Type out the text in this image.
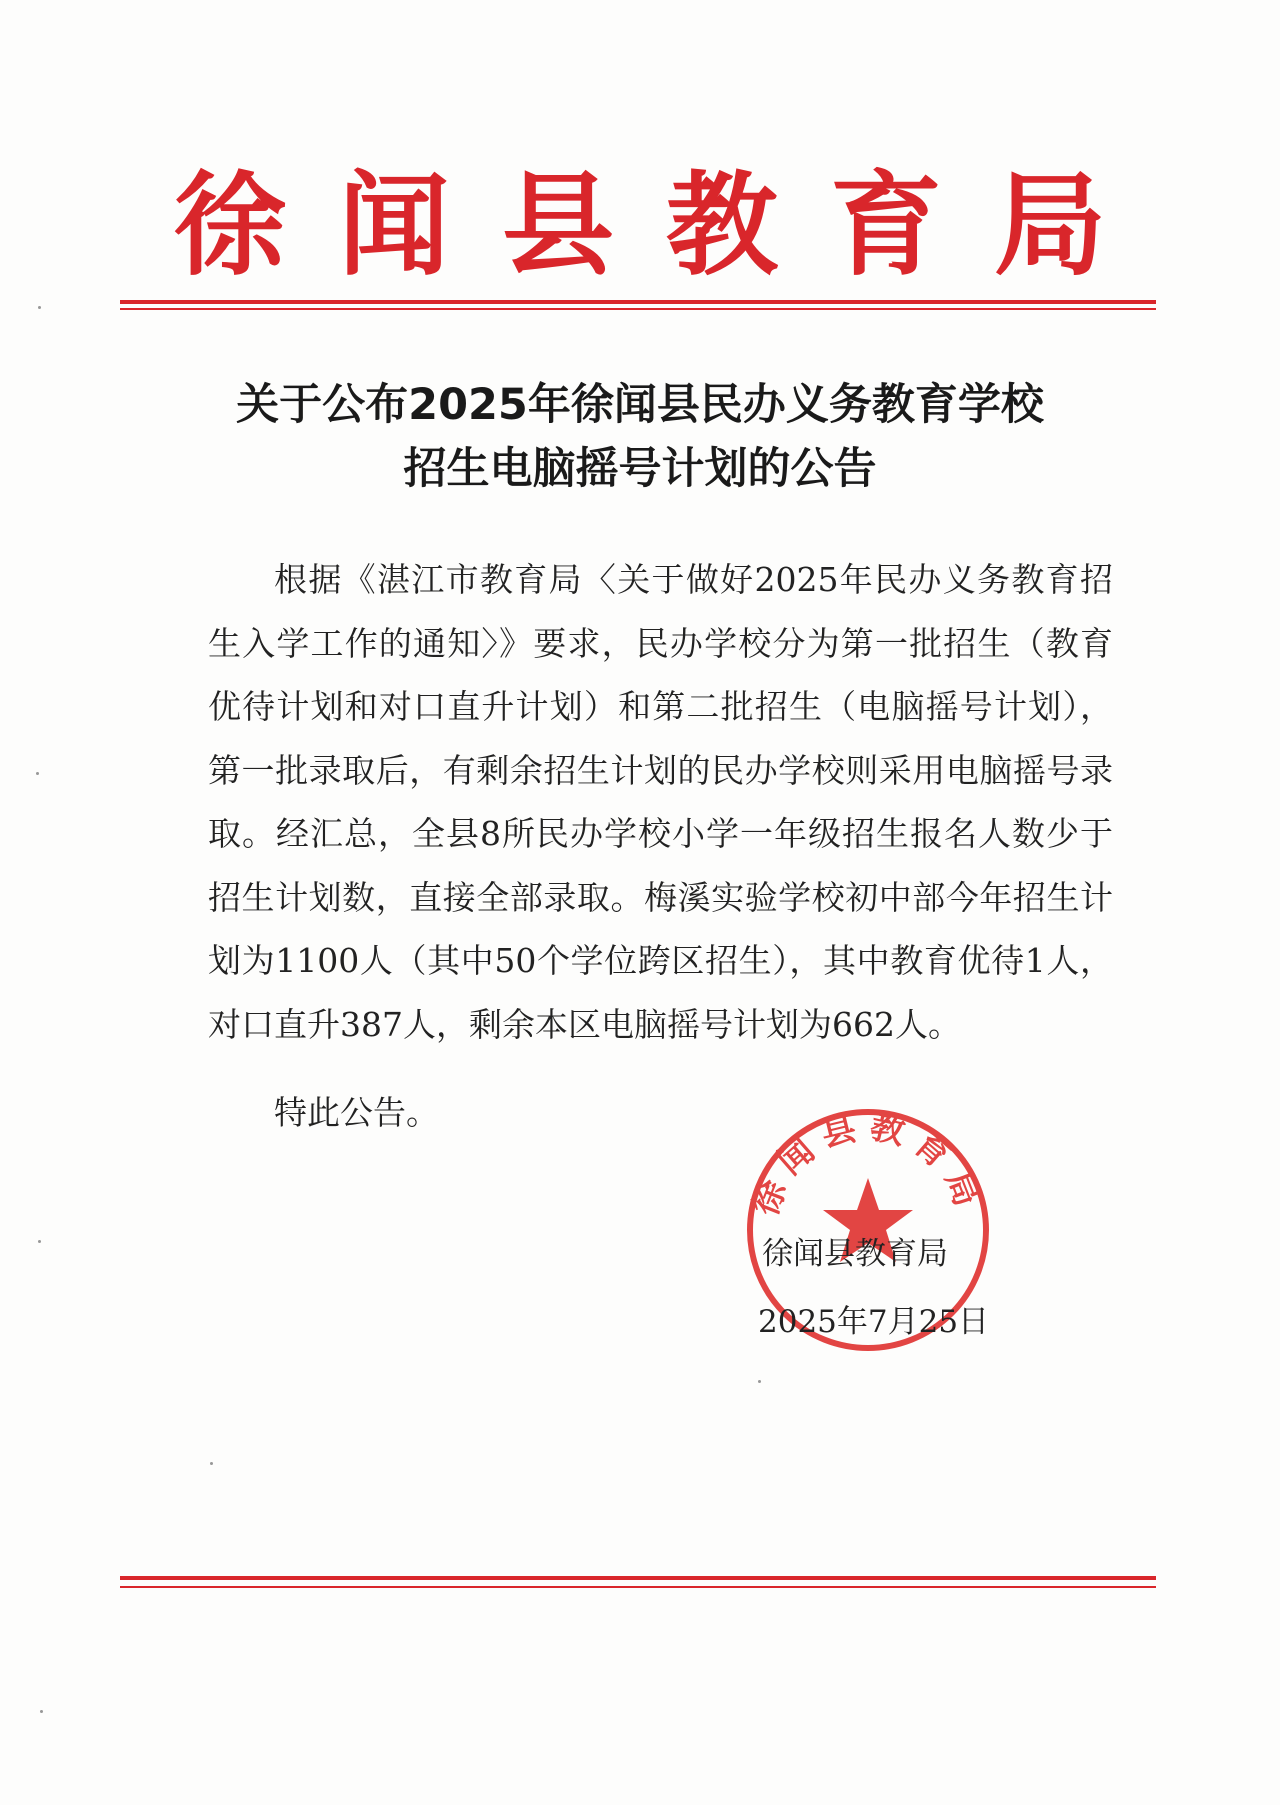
徐闻县教育局
关于公布2025年徐闻县民办义务教育学校
招生电脑摇号计划的公告
根据《湛江市教育局〈关于做好2025年民办义务教育招生入学工作的通知〉》要求，民办学校分为第一批招生（教育优待计划和对口直升计划）和第二批招生（电脑摇号计划），第一批录取后，有剩余招生计划的民办学校则采用电脑摇号录取。经汇总，全县8所民办学校小学一年级招生报名人数少于招生计划数，直接全部录取。梅溪实验学校初中部今年招生计划为1100人（其中50个学位跨区招生），其中教育优待1人，对口直升387人，剩余本区电脑摇号计划为662人。
特此公告。
徐闻县教育局
徐闻县教育局
2025年7月25日
